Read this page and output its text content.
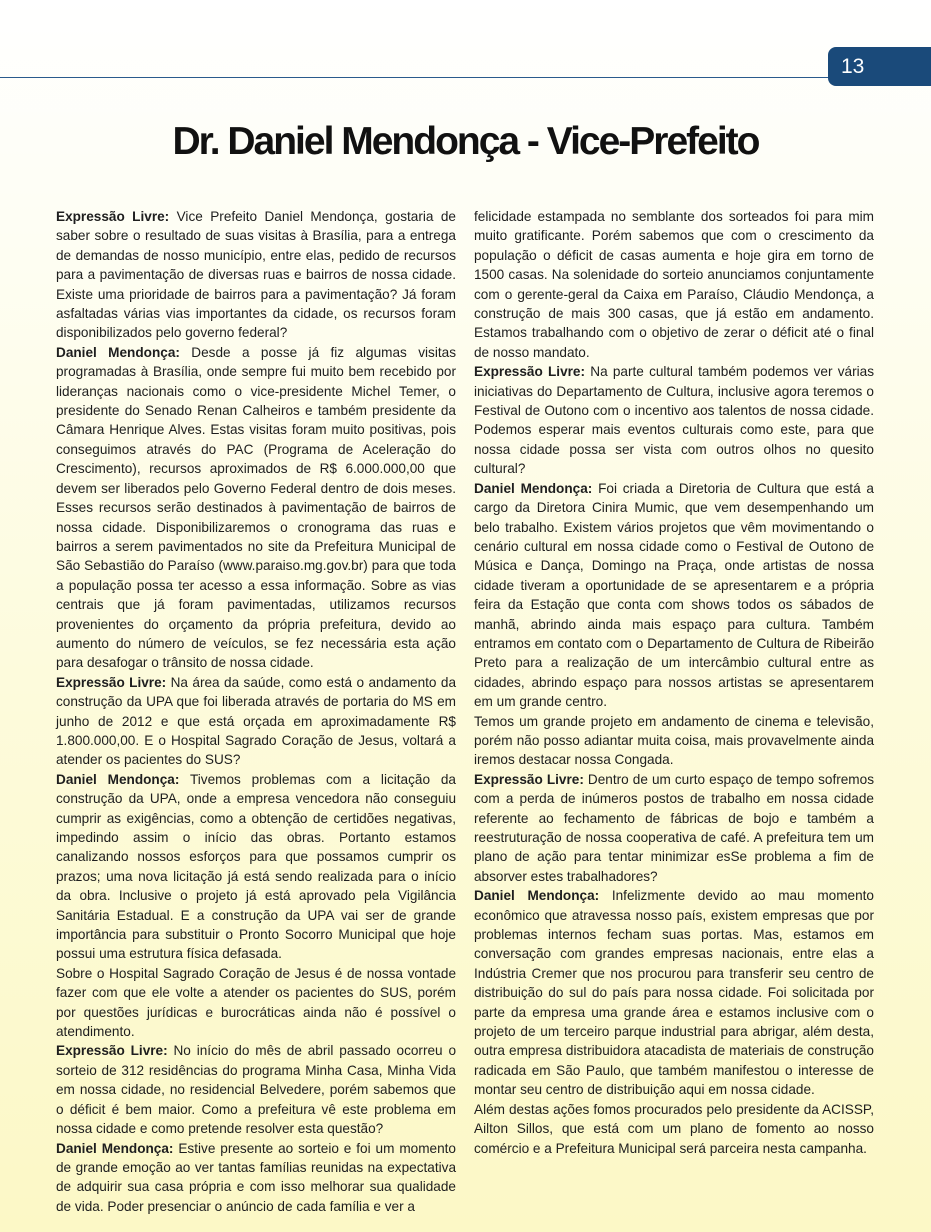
13
Dr. Daniel Mendonça - Vice-Prefeito

Expressão Livre: Vice Prefeito Daniel Mendonça, gostaria de saber sobre o resultado de suas visitas à Brasília, para a entrega de demandas de nosso município, entre elas, pedido de recursos para a pavimentação de diversas ruas e bairros de nossa cidade. Existe uma prioridade de bairros para a pavimentação? Já foram asfaltadas várias vias importantes da cidade, os recursos foram disponibilizados pelo governo federal?

Daniel Mendonça: Desde a posse já fiz algumas visitas programadas à Brasília, onde sempre fui muito bem recebido por lideranças nacionais como o vice-presidente Michel Temer, o presidente do Senado Renan Calheiros e também presidente da Câmara Henrique Alves. Estas visitas foram muito positivas, pois conseguimos através do PAC (Programa de Aceleração do Crescimento), recursos aproximados de R$ 6.000.000,00 que devem ser liberados pelo Governo Federal dentro de dois meses. Esses recursos serão destinados à pavimentação de bairros de nossa cidade. Disponibilizaremos o cronograma das ruas e bairros a serem pavimentados no site da Prefeitura Municipal de São Sebastião do Paraíso (www.paraiso.mg.gov.br) para que toda a população possa ter acesso a essa informação. Sobre as vias centrais que já foram pavimentadas, utilizamos recursos provenientes do orçamento da própria prefeitura, devido ao aumento do número de veículos, se fez necessária esta ação para desafogar o trânsito de nossa cidade.

Expressão Livre: Na área da saúde, como está o andamento da construção da UPA que foi liberada através de portaria do MS em junho de 2012 e que está orçada em aproximadamente R$ 1.800.000,00. E o Hospital Sagrado Coração de Jesus, voltará a atender os pacientes do SUS?

Daniel Mendonça: Tivemos problemas com a licitação da construção da UPA, onde a empresa vencedora não conseguiu cumprir as exigências, como a obtenção de certidões negativas, impedindo assim o início das obras. Portanto estamos canalizando nossos esforços para que possamos cumprir os prazos; uma nova licitação já está sendo realizada para o início da obra. Inclusive o projeto já está aprovado pela Vigilância Sanitária Estadual. E a construção da UPA vai ser de grande importância para substituir o Pronto Socorro Municipal que hoje possui uma estrutura física defasada.

Sobre o Hospital Sagrado Coração de Jesus é de nossa vontade fazer com que ele volte a atender os pacientes do SUS, porém por questões jurídicas e burocráticas ainda não é possível o atendimento.

Expressão Livre: No início do mês de abril passado ocorreu o sorteio de 312 residências do programa Minha Casa, Minha Vida em nossa cidade, no residencial Belvedere, porém sabemos que o déficit é bem maior. Como a prefeitura vê este problema em nossa cidade e como pretende resolver esta questão?

Daniel Mendonça: Estive presente ao sorteio e foi um momento de grande emoção ao ver tantas famílias reunidas na expectativa de adquirir sua casa própria e com isso melhorar sua qualidade de vida. Poder presenciar o anúncio de cada família e ver a

felicidade estampada no semblante dos sorteados foi para mim muito gratificante. Porém sabemos que com o crescimento da população o déficit de casas aumenta e hoje gira em torno de 1500 casas. Na solenidade do sorteio anunciamos conjuntamente com o gerente-geral da Caixa em Paraíso, Cláudio Mendonça, a construção de mais 300 casas, que já estão em andamento. Estamos trabalhando com o objetivo de zerar o déficit até o final de nosso mandato.

Expressão Livre: Na parte cultural também podemos ver várias iniciativas do Departamento de Cultura, inclusive agora teremos o Festival de Outono com o incentivo aos talentos de nossa cidade. Podemos esperar mais eventos culturais como este, para que nossa cidade possa ser vista com outros olhos no quesito cultural?

Daniel Mendonça: Foi criada a Diretoria de Cultura que está a cargo da Diretora Cinira Mumic, que vem desempenhando um belo trabalho. Existem vários projetos que vêm movimentando o cenário cultural em nossa cidade como o Festival de Outono de Música e Dança, Domingo na Praça, onde artistas de nossa cidade tiveram a oportunidade de se apresentarem e a própria feira da Estação que conta com shows todos os sábados de manhã, abrindo ainda mais espaço para cultura. Também entramos em contato com o Departamento de Cultura de Ribeirão Preto para a realização de um intercâmbio cultural entre as cidades, abrindo espaço para nossos artistas se apresentarem em um grande centro.

Temos um grande projeto em andamento de cinema e televisão, porém não posso adiantar muita coisa, mais provavelmente ainda iremos destacar nossa Congada.

Expressão Livre: Dentro de um curto espaço de tempo sofremos com a perda de inúmeros postos de trabalho em nossa cidade referente ao fechamento de fábricas de bojo e também a reestruturação de nossa cooperativa de café. A prefeitura tem um plano de ação para tentar minimizar esSe problema a fim de absorver estes trabalhadores?

Daniel Mendonça: Infelizmente devido ao mau momento econômico que atravessa nosso país, existem empresas que por problemas internos fecham suas portas. Mas, estamos em conversação com grandes empresas nacionais, entre elas a Indústria Cremer que nos procurou para transferir seu centro de distribuição do sul do país para nossa cidade. Foi solicitada por parte da empresa uma grande área e estamos inclusive com o projeto de um terceiro parque industrial para abrigar, além desta, outra empresa distribuidora atacadista de materiais de construção radicada em São Paulo, que também manifestou o interesse de montar seu centro de distribuição aqui em nossa cidade.

Além destas ações fomos procurados pelo presidente da ACISSP, Ailton Sillos, que está com um plano de fomento ao nosso comércio e a Prefeitura Municipal será parceira nesta campanha.
